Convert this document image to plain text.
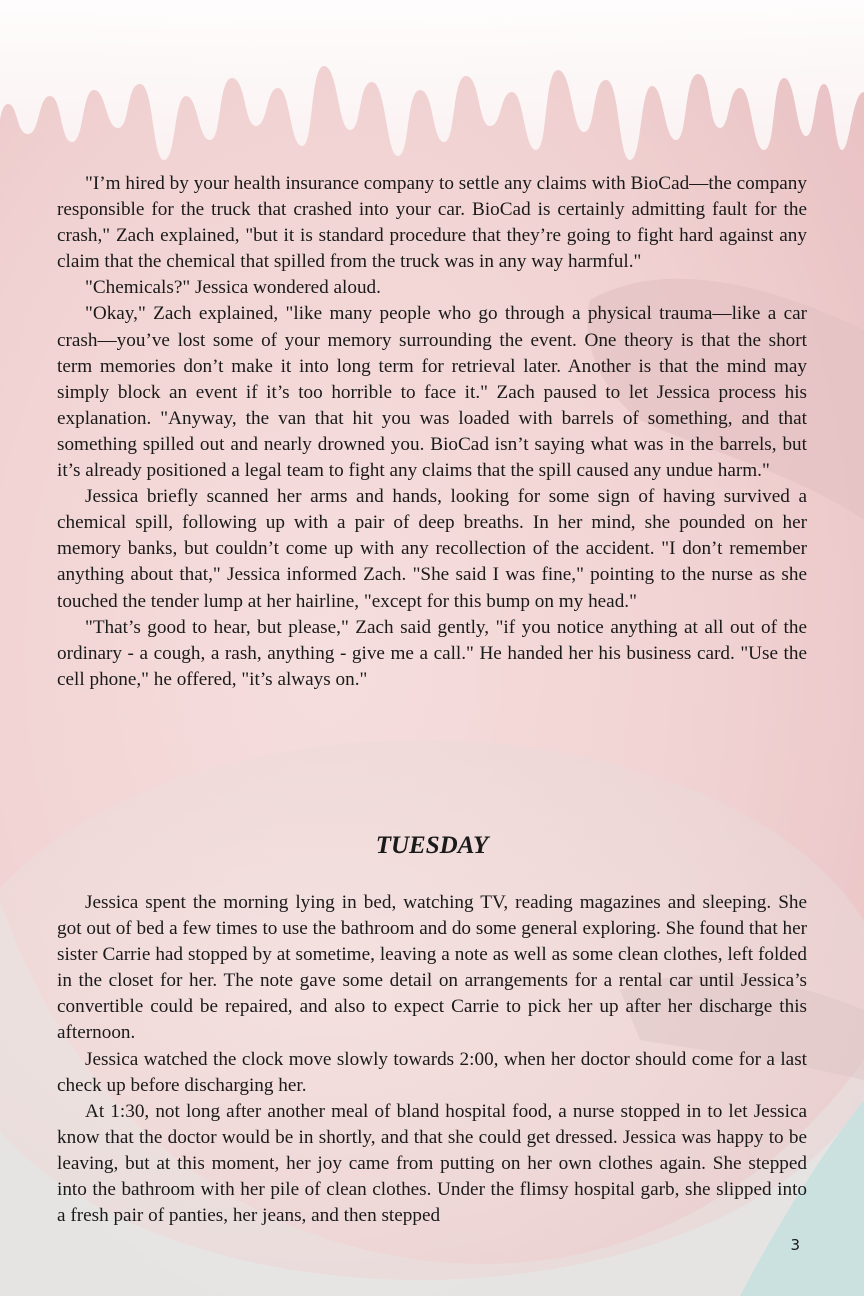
"I’m hired by your health insurance company to settle any claims with BioCad—the company responsible for the truck that crashed into your car. BioCad is certainly admitting fault for the crash," Zach explained, "but it is standard procedure that they’re going to fight hard against any claim that the chemical that spilled from the truck was in any way harmful."

"Chemicals?" Jessica wondered aloud.

"Okay," Zach explained, "like many people who go through a physical trauma—like a car crash—you’ve lost some of your memory surrounding the event. One theory is that the short term memories don’t make it into long term for retrieval later. Another is that the mind may simply block an event if it’s too horrible to face it." Zach paused to let Jessica process his explanation. "Anyway, the van that hit you was loaded with barrels of something, and that something spilled out and nearly drowned you. BioCad isn’t saying what was in the barrels, but it’s already positioned a legal team to fight any claims that the spill caused any undue harm."

Jessica briefly scanned her arms and hands, looking for some sign of having survived a chemical spill, following up with a pair of deep breaths. In her mind, she pounded on her memory banks, but couldn’t come up with any recollection of the accident. "I don’t remember anything about that," Jessica informed Zach. "She said I was fine," pointing to the nurse as she touched the tender lump at her hairline, "except for this bump on my head."

"That’s good to hear, but please," Zach said gently, "if you notice anything at all out of the ordinary - a cough, a rash, anything - give me a call." He handed her his business card. "Use the cell phone," he offered, "it’s always on."

TUESDAY

Jessica spent the morning lying in bed, watching TV, reading magazines and sleeping. She got out of bed a few times to use the bathroom and do some general exploring. She found that her sister Carrie had stopped by at sometime, leaving a note as well as some clean clothes, left folded in the closet for her. The note gave some detail on arrangements for a rental car until Jessica’s convertible could be repaired, and also to expect Carrie to pick her up after her discharge this afternoon.

Jessica watched the clock move slowly towards 2:00, when her doctor should come for a last check up before discharging her.

At 1:30, not long after another meal of bland hospital food, a nurse stopped in to let Jessica know that the doctor would be in shortly, and that she could get dressed. Jessica was happy to be leaving, but at this moment, her joy came from putting on her own clothes again. She stepped into the bathroom with her pile of clean clothes. Under the flimsy hospital garb, she slipped into a fresh pair of panties, her jeans, and then stepped

3
